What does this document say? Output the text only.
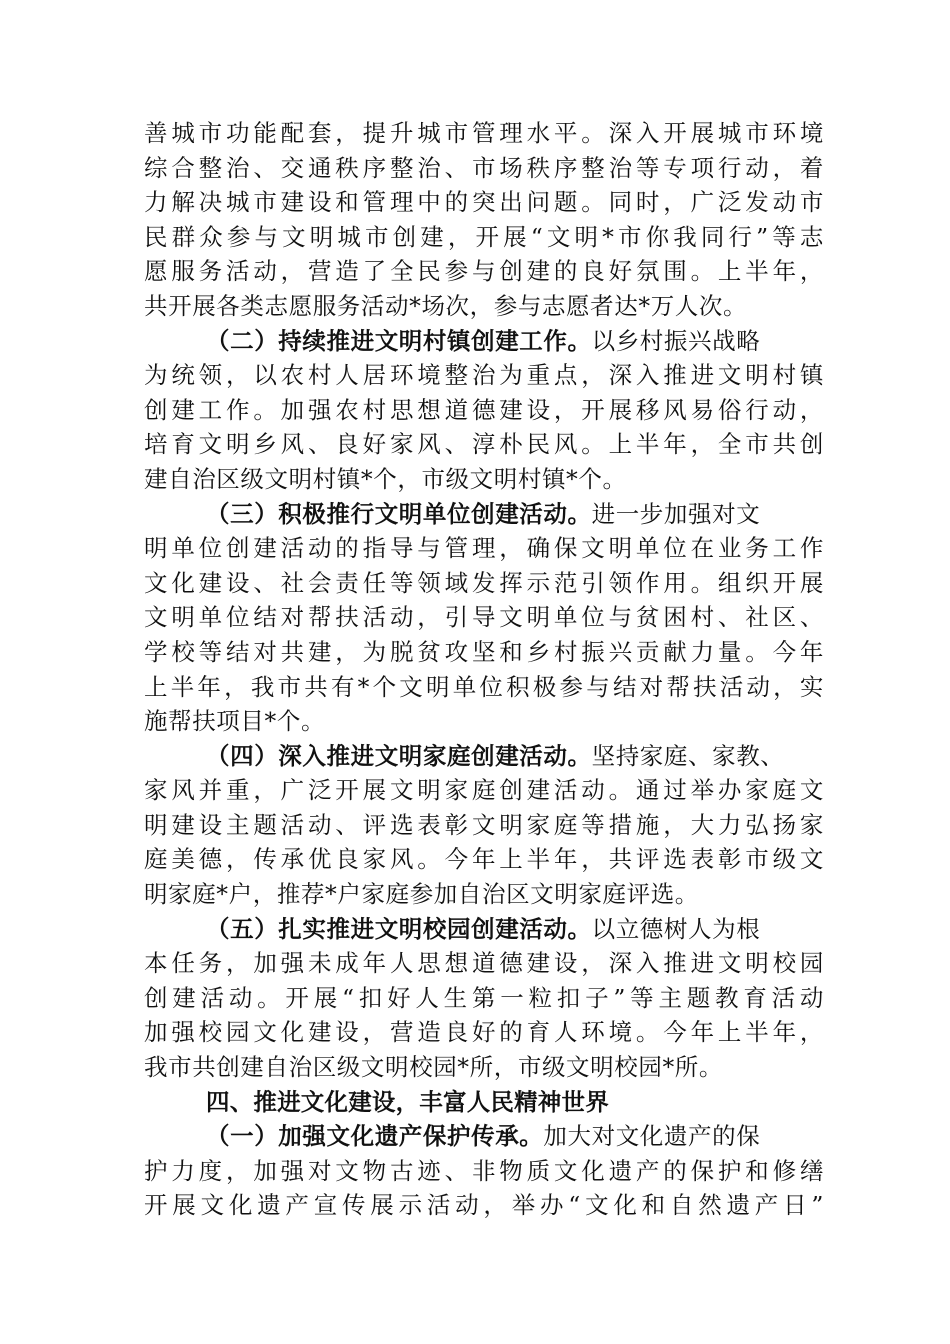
善城市功能配套，提升城市管理水平。深入开展城市环境
综合整治、交通秩序整治、市场秩序整治等专项行动，着
力解决城市建设和管理中的突出问题。同时，广泛发动市
民群众参与文明城市创建，开展“文明*市你我同行”等志
愿服务活动，营造了全民参与创建的良好氛围。上半年，
共开展各类志愿服务活动*场次，参与志愿者达*万人次。
（二）持续推进文明村镇创建工作。以乡村振兴战略
为统领，以农村人居环境整治为重点，深入推进文明村镇
创建工作。加强农村思想道德建设，开展移风易俗行动，
培育文明乡风、良好家风、淳朴民风。上半年，全市共创
建自治区级文明村镇*个，市级文明村镇*个。
（三）积极推行文明单位创建活动。进一步加强对文
明单位创建活动的指导与管理，确保文明单位在业务工作
文化建设、社会责任等领域发挥示范引领作用。组织开展
文明单位结对帮扶活动，引导文明单位与贫困村、社区、
学校等结对共建，为脱贫攻坚和乡村振兴贡献力量。今年
上半年，我市共有*个文明单位积极参与结对帮扶活动，实
施帮扶项目*个。
（四）深入推进文明家庭创建活动。坚持家庭、家教、
家风并重，广泛开展文明家庭创建活动。通过举办家庭文
明建设主题活动、评选表彰文明家庭等措施，大力弘扬家
庭美德，传承优良家风。今年上半年，共评选表彰市级文
明家庭*户，推荐*户家庭参加自治区文明家庭评选。
（五）扎实推进文明校园创建活动。以立德树人为根
本任务，加强未成年人思想道德建设，深入推进文明校园
创建活动。开展“扣好人生第一粒扣子”等主题教育活动
加强校园文化建设，营造良好的育人环境。今年上半年，
我市共创建自治区级文明校园*所，市级文明校园*所。
四、推进文化建设，丰富人民精神世界
（一）加强文化遗产保护传承。加大对文化遗产的保
护力度，加强对文物古迹、非物质文化遗产的保护和修缮
开展文化遗产宣传展示活动，举办“文化和自然遗产日”
